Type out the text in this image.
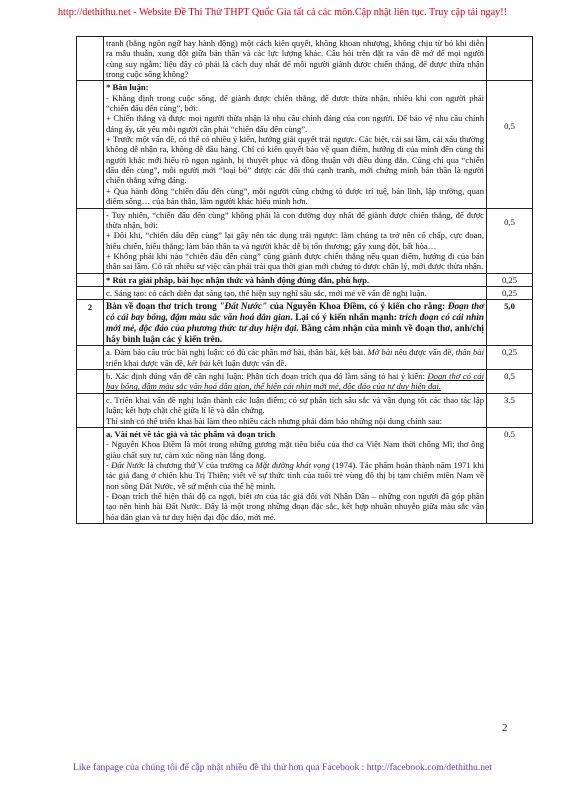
http://dethithu.net - Website Đề Thi Thử THPT Quốc Gia tất cả các môn.Cập nhật liên tục. Truy cập tải ngay!!

	tranh (bằng ngôn ngữ hay hành động) một cách kiên quyết, không khoan nhượng, không chịu từ bỏ khi diễn ra mâu thuẫn, xung đột giữa bản thân và các lực lượng khác. Câu hỏi trên đặt ra vấn đề mở để mọi người cùng suy ngẫm: liệu đây có phải là cách duy nhất để mỗi người giành được chiến thắng, để được thừa nhận trong cuộc sống không?	

	* Bàn luận:

- Khẳng định trong cuộc sống, để giành được chiến thắng, để được thừa nhận, nhiều khi con người phải “chiến đấu đến cùng”, bởi:

+ Chiến thắng và được mọi người thừa nhận là nhu cầu chính đáng của con người. Để bảo vệ nhu cầu chính đáng ấy, tất yếu mỗi người cần phải “chiến đấu đến cùng”.

+ Trước một vấn đề, có thể có nhiều ý kiến, hướng giải quyết trái ngược. Các biệt, cái sai lầm, cái xấu thường không dễ nhận ra, không dễ đầu hàng. Chỉ có kiên quyết bảo vệ quan điểm, hướng đi của mình đến cùng thì người khác mới hiểu rõ ngọn ngành, bị thuyết phục và đồng thuận với điều đúng đắn. Cũng chỉ qua “chiến đấu đến cùng”, mỗi người mới “loại bỏ” được các đối thủ cạnh tranh, mới chứng minh bản thân là người chiến thắng xứng đáng.

+ Qua hành động “chiến đấu đến cùng”, mỗi người cũng chứng tỏ được trí tuệ, bản lĩnh, lập trường, quan điểm sống… của bản thân, làm người khác hiểu mình hơn.	0,5

	- Tuy nhiên, “chiến đấu đến cùng” không phải là con đường duy nhất để giành được chiến thắng, để được thừa nhận, bởi:

+ Đôi khi, “chiến đấu đến cùng” lại gây nên tác dụng trái ngược: làm chúng ta trở nên cố chấp, cực đoan, hiếu chiến, hiếu thắng; làm bản thân ta và người khác dễ bị tổn thương; gây xung đột, bất hòa…

+ Không phải khi nào “chiến đấu đến cùng” cũng giành được chiến thắng nếu quan điểm, hướng đi của bản thân sai lầm. Có rất nhiều sự việc cần phải trải qua thời gian mới chứng tỏ được chân lý, mới được thừa nhận.	0,5

	* Rút ra giải pháp, bài học nhận thức và hành động đúng đắn, phù hợp.	0,25

	c. Sáng tạo: có cách diễn đạt sáng tạo, thể hiện suy nghĩ sâu sắc, mới mẻ về vấn đề nghị luận.	0,25
2	Bàn về đoạn thơ trích trong "Đất Nước" của Nguyễn Khoa Điềm, có ý kiến cho rằng: Đoạn thơ có cái bay bổng, đậm màu sắc văn hoá dân gian. Lại có ý kiến nhấn mạnh: trích đoạn có cái nhìn mới mẻ, độc đáo của phương thức tư duy hiện đại. Bằng cảm nhận của mình về đoạn thơ, anh/chị hãy bình luận các ý kiến trên.	5,0

	a. Đảm bảo cấu trúc bài nghị luận: có đủ các phần mở bài, thân bài, kết bài. Mở bài nêu được vấn đề, thân bài triển khai được vấn đề, kết bài kết luận được vấn đề.	0,25

	b. Xác định đúng vấn đề cần nghị luận: Phân tích đoạn trích qua đó làm sáng tỏ hai ý kiến: Đoạn thơ có cái bay bổng, đậm màu sắc văn hoá dân gian, thể hiện cái nhìn mới mẻ, độc đáo của tư duy hiện đại.	0,5

	c. Triển khai vấn đề nghị luận thành các luận điểm; có sự phân tích sâu sắc và vận dụng tốt các thao tác lập luận; kết hợp chặt chẽ giữa lí lẽ và dẫn chứng.

Thí sinh có thể triển khai bài làm theo nhiều cách nhưng phải đảm bảo những nội dung chính sau:	3.5

	a. Vài nét về tác giả và tác phẩm và đoạn trích

- Nguyễn Khoa Điềm là một trong những gương mặt tiêu biểu của thơ ca Việt Nam thời chống Mĩ; thơ ông giàu chất suy tư, cảm xúc nồng nàn lắng đọng.

- Đất Nước là chương thứ V của trường ca Mặt đường khát vọng (1974). Tác phẩm hoàn thành năm 1971 khi tác giả đang ở chiến khu Trị Thiên; viết về sự thức tỉnh của tuổi trẻ vùng đô thị bị tạm chiếm miền Nam về non sông Đất Nước, về sứ mệnh của thế hệ mình.

- Đoạn trích thể hiện thái độ ca ngợi, biết ơn của tác giả đối với Nhân Dân – những con người đã góp phần tạo nên hình hài Đất Nước. Đây là một trong những đoạn đặc sắc, kết hợp nhuần nhuyễn giữa màu sắc văn hóa dân gian và tư duy hiện đại độc đáo, mới mẻ.	0.5
2
Like fanpage của chúng tôi để cập nhật nhiều đề thi thử hơn qua Facebook : http://facebook.com/dethithu.net
